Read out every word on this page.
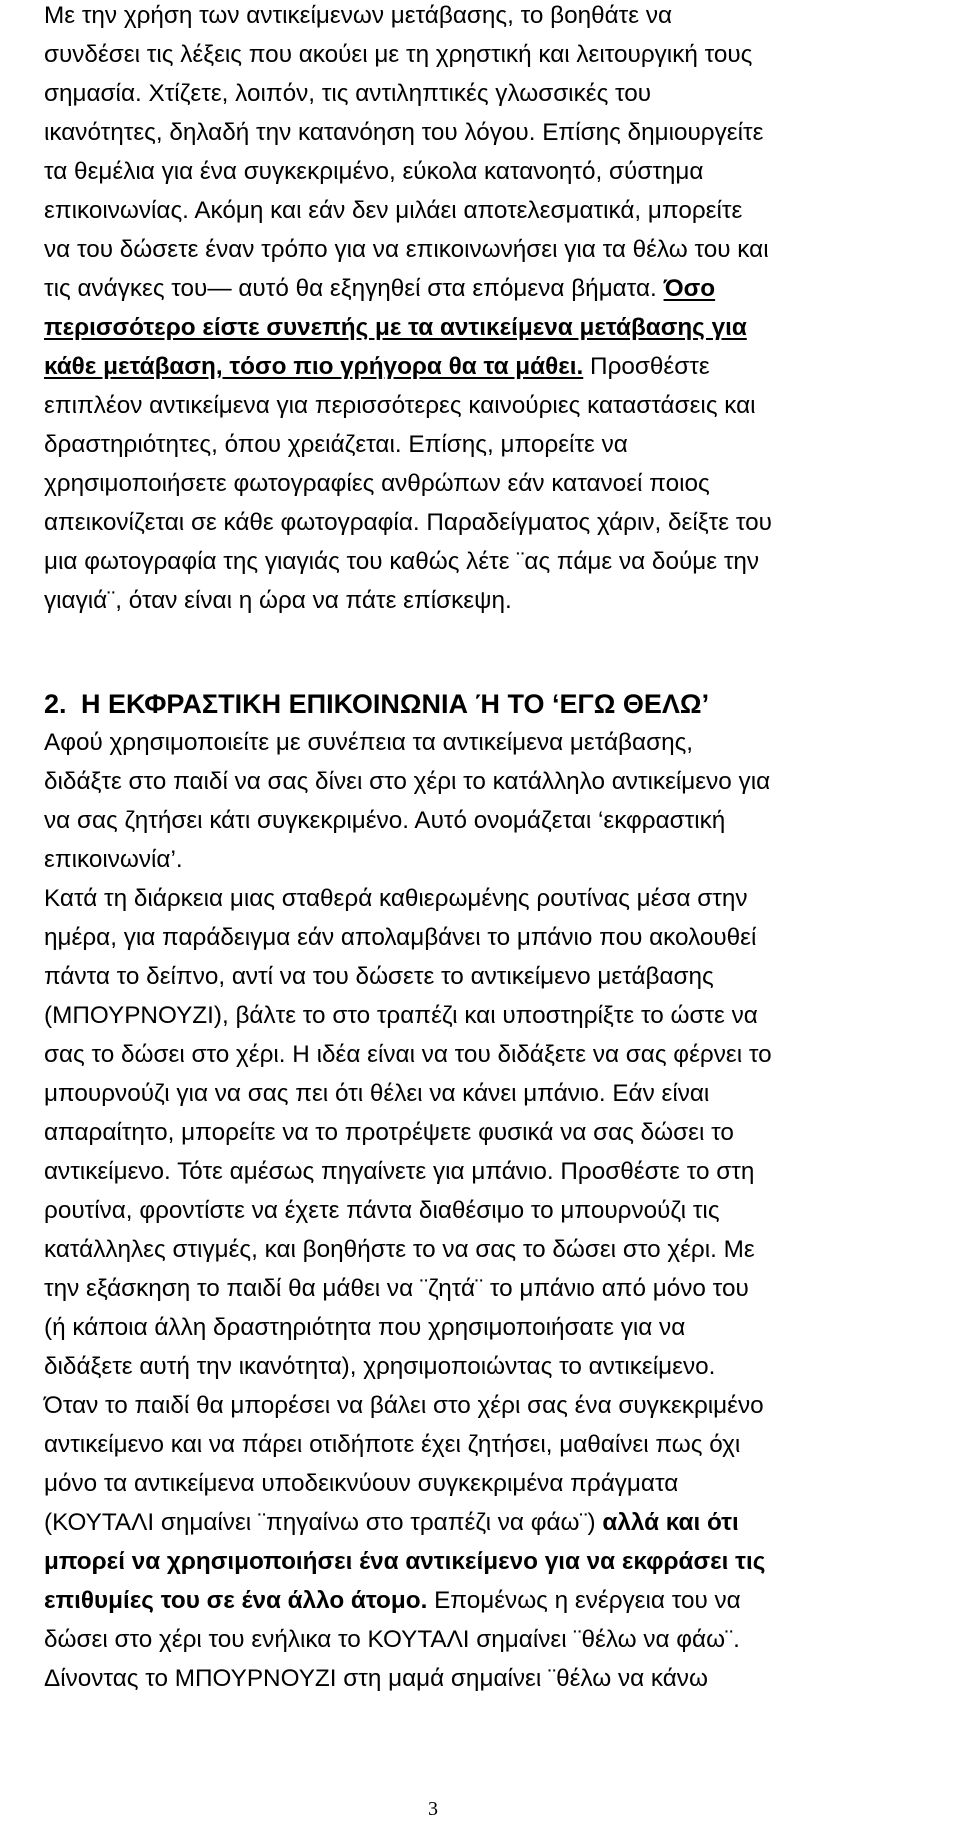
Με την χρήση των αντικείμενων μετάβασης, το βοηθάτε να
συνδέσει τις λέξεις που ακούει με τη χρηστική και λειτουργική τους
σημασία. Χτίζετε, λοιπόν, τις αντιληπτικές γλωσσικές του
ικανότητες, δηλαδή την κατανόηση του λόγου. Επίσης δημιουργείτε
τα θεμέλια για ένα συγκεκριμένο, εύκολα κατανοητό, σύστημα
επικοινωνίας. Ακόμη και εάν δεν μιλάει αποτελεσματικά, μπορείτε
να του δώσετε έναν τρόπο για να επικοινωνήσει για τα θέλω του και
τις ανάγκες του— αυτό θα εξηγηθεί στα επόμενα βήματα. Όσο
περισσότερο είστε συνεπής με τα αντικείμενα μετάβασης για
κάθε μετάβαση, τόσο πιο γρήγορα θα τα μάθει. Προσθέστε
επιπλέον αντικείμενα για περισσότερες καινούριες καταστάσεις και
δραστηριότητες, όπου χρειάζεται. Επίσης, μπορείτε να
χρησιμοποιήσετε φωτογραφίες ανθρώπων εάν κατανοεί ποιος
απεικονίζεται σε κάθε φωτογραφία. Παραδείγματος χάριν, δείξτε του
μια φωτογραφία της γιαγιάς του καθώς λέτε ¨ας πάμε να δούμε την
γιαγιά¨, όταν είναι η ώρα να πάτε επίσκεψη.
2. Η ΕΚΦΡΑΣΤΙΚΗ ΕΠΙΚΟΙΝΩΝΙΑ Ή ΤΟ ‘ΕΓΩ ΘΕΛΩ’
Αφού χρησιμοποιείτε με συνέπεια τα αντικείμενα μετάβασης,
διδάξτε στο παιδί να σας δίνει στο χέρι το κατάλληλο αντικείμενο για
να σας ζητήσει κάτι συγκεκριμένο. Αυτό ονομάζεται ‘εκφραστική
επικοινωνία’.
Κατά τη διάρκεια μιας σταθερά καθιερωμένης ρουτίνας μέσα στην
ημέρα, για παράδειγμα εάν απολαμβάνει το μπάνιο που ακολουθεί
πάντα το δείπνο, αντί να του δώσετε το αντικείμενο μετάβασης
(ΜΠΟΥΡΝΟΥΖΙ), βάλτε το στο τραπέζι και υποστηρίξτε το ώστε να
σας το δώσει στο χέρι. Η ιδέα είναι να του διδάξετε να σας φέρνει το
μπουρνούζι για να σας πει ότι θέλει να κάνει μπάνιο. Εάν είναι
απαραίτητο, μπορείτε να το προτρέψετε φυσικά να σας δώσει το
αντικείμενο. Τότε αμέσως πηγαίνετε για μπάνιο. Προσθέστε το στη
ρουτίνα, φροντίστε να έχετε πάντα διαθέσιμο το μπουρνούζι τις
κατάλληλες στιγμές, και βοηθήστε το να σας το δώσει στο χέρι. Με
την εξάσκηση το παιδί θα μάθει να ¨ζητά¨ το μπάνιο από μόνο του
(ή κάποια άλλη δραστηριότητα που χρησιμοποιήσατε για να
διδάξετε αυτή την ικανότητα), χρησιμοποιώντας το αντικείμενο.
Όταν το παιδί θα μπορέσει να βάλει στο χέρι σας ένα συγκεκριμένο
αντικείμενο και να πάρει οτιδήποτε έχει ζητήσει, μαθαίνει πως όχι
μόνο τα αντικείμενα υποδεικνύουν συγκεκριμένα πράγματα
(ΚΟΥΤΑΛΙ σημαίνει ¨πηγαίνω στο τραπέζι να φάω¨) αλλά και ότι
μπορεί να χρησιμοποιήσει ένα αντικείμενο για να εκφράσει τις
επιθυμίες του σε ένα άλλο άτομο. Επομένως η ενέργεια του να
δώσει στο χέρι του ενήλικα το ΚΟΥΤΑΛΙ σημαίνει ¨θέλω να φάω¨.
Δίνοντας το ΜΠΟΥΡΝΟΥΖΙ στη μαμά σημαίνει ¨θέλω να κάνω
3
